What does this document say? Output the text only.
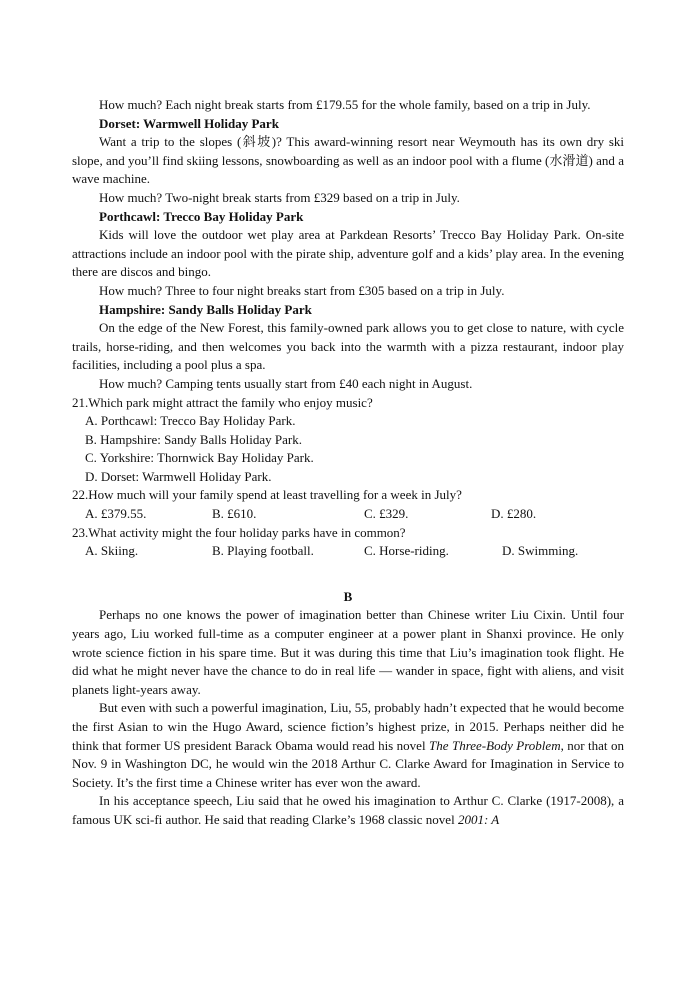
How much? Each night break starts from £179.55 for the whole family, based on a trip in July.

Dorset: Warmwell Holiday Park

Want a trip to the slopes (斜坡)? This award-winning resort near Weymouth has its own dry ski slope, and you’ll find skiing lessons, snowboarding as well as an indoor pool with a flume (水滑道) and a wave machine.

How much? Two-night break starts from £329 based on a trip in July.

Porthcawl: Trecco Bay Holiday Park

Kids will love the outdoor wet play area at Parkdean Resorts’ Trecco Bay Holiday Park. On-site attractions include an indoor pool with the pirate ship, adventure golf and a kids’ play area. In the evening there are discos and bingo.

How much? Three to four night breaks start from £305 based on a trip in July.

Hampshire: Sandy Balls Holiday Park

On the edge of the New Forest, this family-owned park allows you to get close to nature, with cycle trails, horse-riding, and then welcomes you back into the warmth with a pizza restaurant, indoor play facilities, including a pool plus a spa.

How much? Camping tents usually start from £40 each night in August.

21.Which park might attract the family who enjoy music?

A. Porthcawl: Trecco Bay Holiday Park.

B. Hampshire: Sandy Balls Holiday Park.

C. Yorkshire: Thornwick Bay Holiday Park.

D. Dorset: Warmwell Holiday Park.

22.How much will your family spend at least travelling for a week in July?

A. £379.55.	B. £610.	C. £329.	D. £280.

23.What activity might the four holiday parks have in common?

A. Skiing.	B. Playing football.	C. Horse-riding.	D. Swimming.

B

Perhaps no one knows the power of imagination better than Chinese writer Liu Cixin. Until four years ago, Liu worked full-time as a computer engineer at a power plant in Shanxi province. He only wrote science fiction in his spare time. But it was during this time that Liu’s imagination took flight. He did what he might never have the chance to do in real life — wander in space, fight with aliens, and visit planets light-years away.

But even with such a powerful imagination, Liu, 55, probably hadn’t expected that he would become the first Asian to win the Hugo Award, science fiction’s highest prize, in 2015. Perhaps neither did he think that former US president Barack Obama would read his novel The Three-Body Problem, nor that on Nov. 9 in Washington DC, he would win the 2018 Arthur C. Clarke Award for Imagination in Service to Society. It’s the first time a Chinese writer has ever won the award.

In his acceptance speech, Liu said that he owed his imagination to Arthur C. Clarke (1917-2008), a famous UK sci-fi author. He said that reading Clarke’s 1968 classic novel 2001: A
